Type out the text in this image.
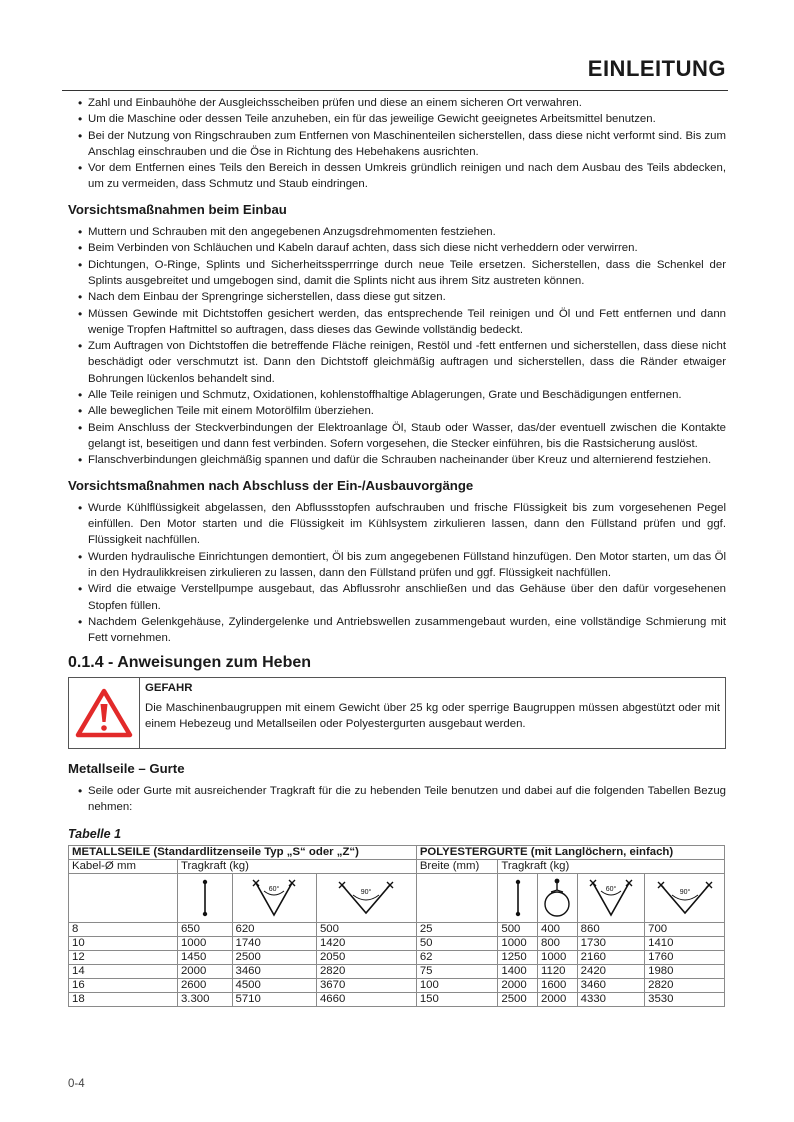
EINLEITUNG
• Zahl und Einbauhöhe der Ausgleichsscheiben prüfen und diese an einem sicheren Ort verwahren.
• Um die Maschine oder dessen Teile anzuheben, ein für das jeweilige Gewicht geeignetes Arbeitsmittel benutzen.
• Bei der Nutzung von Ringschrauben zum Entfernen von Maschinenteilen sicherstellen, dass diese nicht verformt sind. Bis zum Anschlag einschrauben und die Öse in Richtung des Hebehakens ausrichten.
• Vor dem Entfernen eines Teils den Bereich in dessen Umkreis gründlich reinigen und nach dem Ausbau des Teils abdecken, um zu vermeiden, dass Schmutz und Staub eindringen.
Vorsichtsmaßnahmen beim Einbau
• Muttern und Schrauben mit den angegebenen Anzugsdrehmomenten festziehen.
• Beim Verbinden von Schläuchen und Kabeln darauf achten, dass sich diese nicht verheddern oder verwirren.
• Dichtungen, O-Ringe, Splints und Sicherheitssperrringe durch neue Teile ersetzen. Sicherstellen, dass die Schenkel der Splints ausgebreitet und umgebogen sind, damit die Splints nicht aus ihrem Sitz austreten können.
• Nach dem Einbau der Sprengringe sicherstellen, dass diese gut sitzen.
• Müssen Gewinde mit Dichtstoffen gesichert werden, das entsprechende Teil reinigen und Öl und Fett entfernen und dann wenige Tropfen Haftmittel so auftragen, dass dieses das Gewinde vollständig bedeckt.
• Zum Auftragen von Dichtstoffen die betreffende Fläche reinigen, Restöl und -fett entfernen und sicherstellen, dass diese nicht beschädigt oder verschmutzt ist. Dann den Dichtstoff gleichmäßig auftragen und sicherstellen, dass die Ränder etwaiger Bohrungen lückenlos behandelt sind.
• Alle Teile reinigen und Schmutz, Oxidationen, kohlenstoffhaltige Ablagerungen, Grate und Beschädigungen entfernen.
• Alle beweglichen Teile mit einem Motorölfilm überziehen.
• Beim Anschluss der Steckverbindungen der Elektroanlage Öl, Staub oder Wasser, das/der eventuell zwischen die Kontakte gelangt ist, beseitigen und dann fest verbinden. Sofern vorgesehen, die Stecker einführen, bis die Rastsicherung auslöst.
• Flanschverbindungen gleichmäßig spannen und dafür die Schrauben nacheinander über Kreuz und alternierend festziehen.
Vorsichtsmaßnahmen nach Abschluss der Ein-/Ausbauvorgänge
• Wurde Kühlflüssigkeit abgelassen, den Abflussstopfen aufschrauben und frische Flüssigkeit bis zum vorgesehenen Pegel einfüllen. Den Motor starten und die Flüssigkeit im Kühlsystem zirkulieren lassen, dann den Füllstand prüfen und ggf. Flüssigkeit nachfüllen.
• Wurden hydraulische Einrichtungen demontiert, Öl bis zum angegebenen Füllstand hinzufügen. Den Motor starten, um das Öl in den Hydraulikkreisen zirkulieren zu lassen, dann den Füllstand prüfen und ggf. Flüssigkeit nachfüllen.
• Wird die etwaige Verstellpumpe ausgebaut, das Abflussrohr anschließen und das Gehäuse über den dafür vorgesehenen Stopfen füllen.
• Nachdem Gelenkgehäuse, Zylindergelenke und Antriebswellen zusammengebaut wurden, eine vollständige Schmierung mit Fett vornehmen.
0.1.4 - Anweisungen zum Heben
GEFAHR
Die Maschinenbaugruppen mit einem Gewicht über 25 kg oder sperrige Baugruppen müssen abgestützt oder mit einem Hebezeug und Metallseilen oder Polyestergurten ausgebaut werden.
Metallseile – Gurte
• Seile oder Gurte mit ausreichender Tragkraft für die zu hebenden Teile benutzen und dabei auf die folgenden Tabellen Bezug nehmen:
Tabelle 1
METALLSEILE (Standardlitzenseile Typ „S“ oder „Z“)				POLYESTERGURTE (mit Langlöchern, einfach)				
Kabel-Ø mm	Tragkraft (kg)			Breite (mm)	Tragkraft (kg)			

60°	90°				60°	90°

8	650	620	500	25	500	400	860	700
10	1000	1740	1420	50	1000	800	1730	1410
12	1450	2500	2050	62	1250	1000	2160	1760
14	2000	3460	2820	75	1400	1120	2420	1980
16	2600	4500	3670	100	2000	1600	3460	2820
18	3.300	5710	4660	150	2500	2000	4330	3530
0-4
